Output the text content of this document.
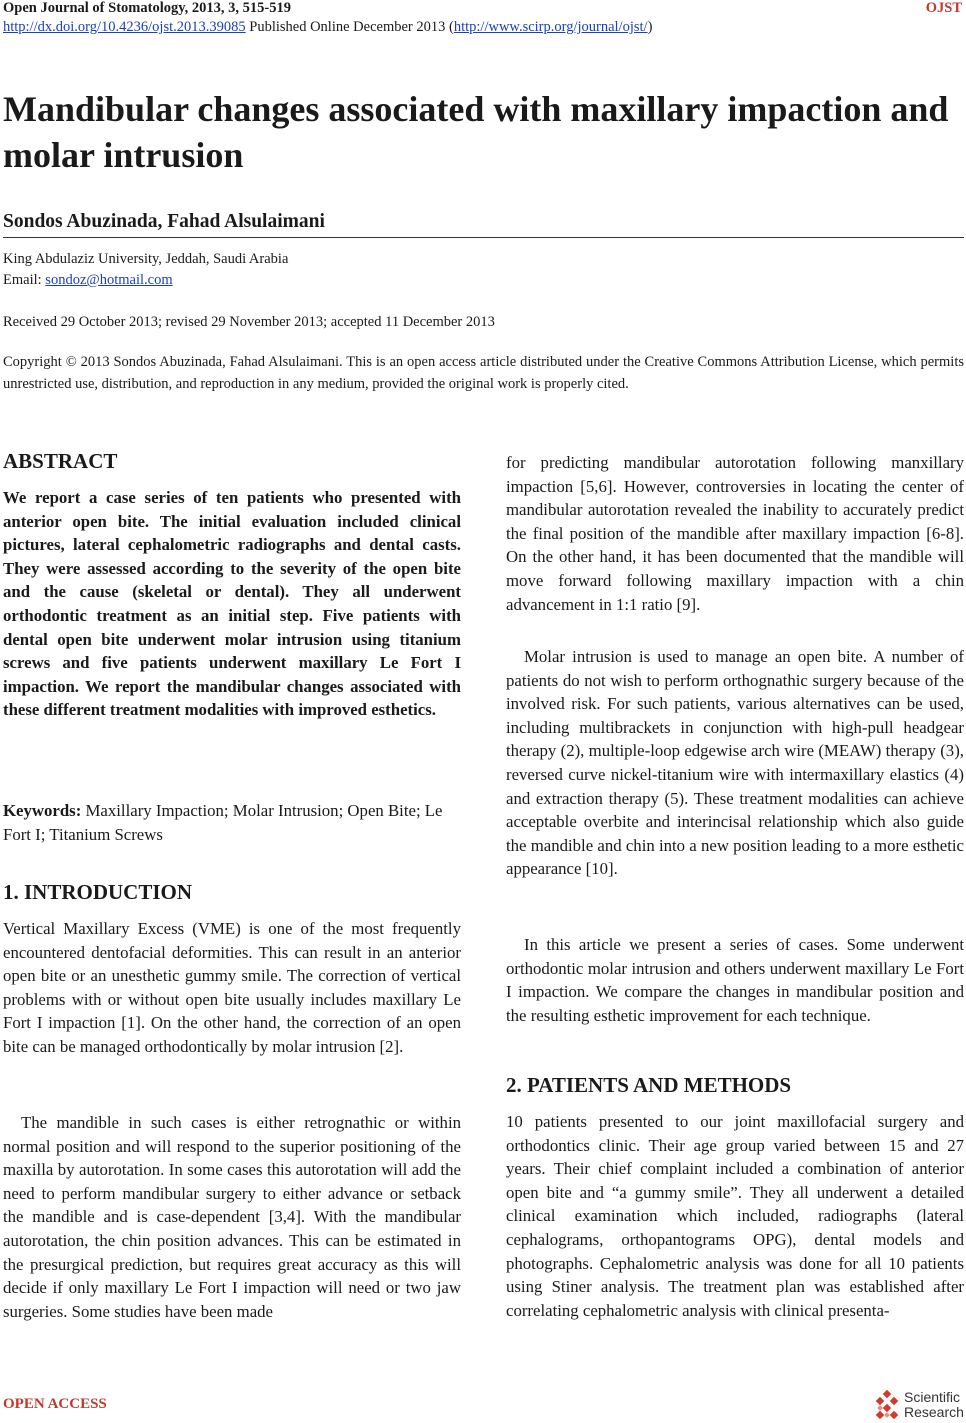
Open Journal of Stomatology, 2013, 3, 515-519	OJST
http://dx.doi.org/10.4236/ojst.2013.39085 Published Online December 2013 (http://www.scirp.org/journal/ojst/)
Mandibular changes associated with maxillary impaction and molar intrusion
Sondos Abuzinada, Fahad Alsulaimani
King Abdulaziz University, Jeddah, Saudi Arabia
Email: sondoz@hotmail.com
Received 29 October 2013; revised 29 November 2013; accepted 11 December 2013
Copyright © 2013 Sondos Abuzinada, Fahad Alsulaimani. This is an open access article distributed under the Creative Commons Attribution License, which permits unrestricted use, distribution, and reproduction in any medium, provided the original work is properly cited.
ABSTRACT

We report a case series of ten patients who presented with anterior open bite. The initial evaluation included clinical pictures, lateral cephalometric radiographs and dental casts. They were assessed according to the severity of the open bite and the cause (skeletal or dental). They all underwent orthodontic treatment as an initial step. Five patients with dental open bite underwent molar intrusion using titanium screws and five patients underwent maxillary Le Fort I impaction. We report the mandibular changes associated with these different treatment modalities with improved esthetics.

Keywords: Maxillary Impaction; Molar Intrusion; Open Bite; Le Fort I; Titanium Screws

1. INTRODUCTION

Vertical Maxillary Excess (VME) is one of the most frequently encountered dentofacial deformities. This can result in an anterior open bite or an unesthetic gummy smile. The correction of vertical problems with or without open bite usually includes maxillary Le Fort I impaction [1]. On the other hand, the correction of an open bite can be managed orthodontically by molar intrusion [2].

The mandible in such cases is either retrognathic or within normal position and will respond to the superior positioning of the maxilla by autorotation. In some cases this autorotation will add the need to perform mandibular surgery to either advance or setback the mandible and is case-dependent [3,4]. With the mandibular autorotation, the chin position advances. This can be estimated in the presurgical prediction, but requires great accuracy as this will decide if only maxillary Le Fort I impaction will need or two jaw surgeries. Some studies have been made

for predicting mandibular autorotation following manxillary impaction [5,6]. However, controversies in locating the center of mandibular autorotation revealed the inability to accurately predict the final position of the mandible after maxillary impaction [6-8]. On the other hand, it has been documented that the mandible will move forward following maxillary impaction with a chin advancement in 1:1 ratio [9].

Molar intrusion is used to manage an open bite. A number of patients do not wish to perform orthognathic surgery because of the involved risk. For such patients, various alternatives can be used, including multibrackets in conjunction with high-pull headgear therapy (2), multiple-loop edgewise arch wire (MEAW) therapy (3), reversed curve nickel-titanium wire with intermaxillary elastics (4) and extraction therapy (5). These treatment modalities can achieve acceptable overbite and interincisal relationship which also guide the mandible and chin into a new position leading to a more esthetic appearance [10].

In this article we present a series of cases. Some underwent orthodontic molar intrusion and others underwent maxillary Le Fort I impaction. We compare the changes in mandibular position and the resulting esthetic improvement for each technique.

2. PATIENTS AND METHODS

10 patients presented to our joint maxillofacial surgery and orthodontics clinic. Their age group varied between 15 and 27 years. Their chief complaint included a combination of anterior open bite and “a gummy smile”. They all underwent a detailed clinical examination which included, radiographs (lateral cephalograms, orthopantograms OPG), dental models and photographs. Cephalometric analysis was done for all 10 patients using Stiner analysis. The treatment plan was established after correlating cephalometric analysis with clinical presenta-

OPEN ACCESS	Scientific
Research
